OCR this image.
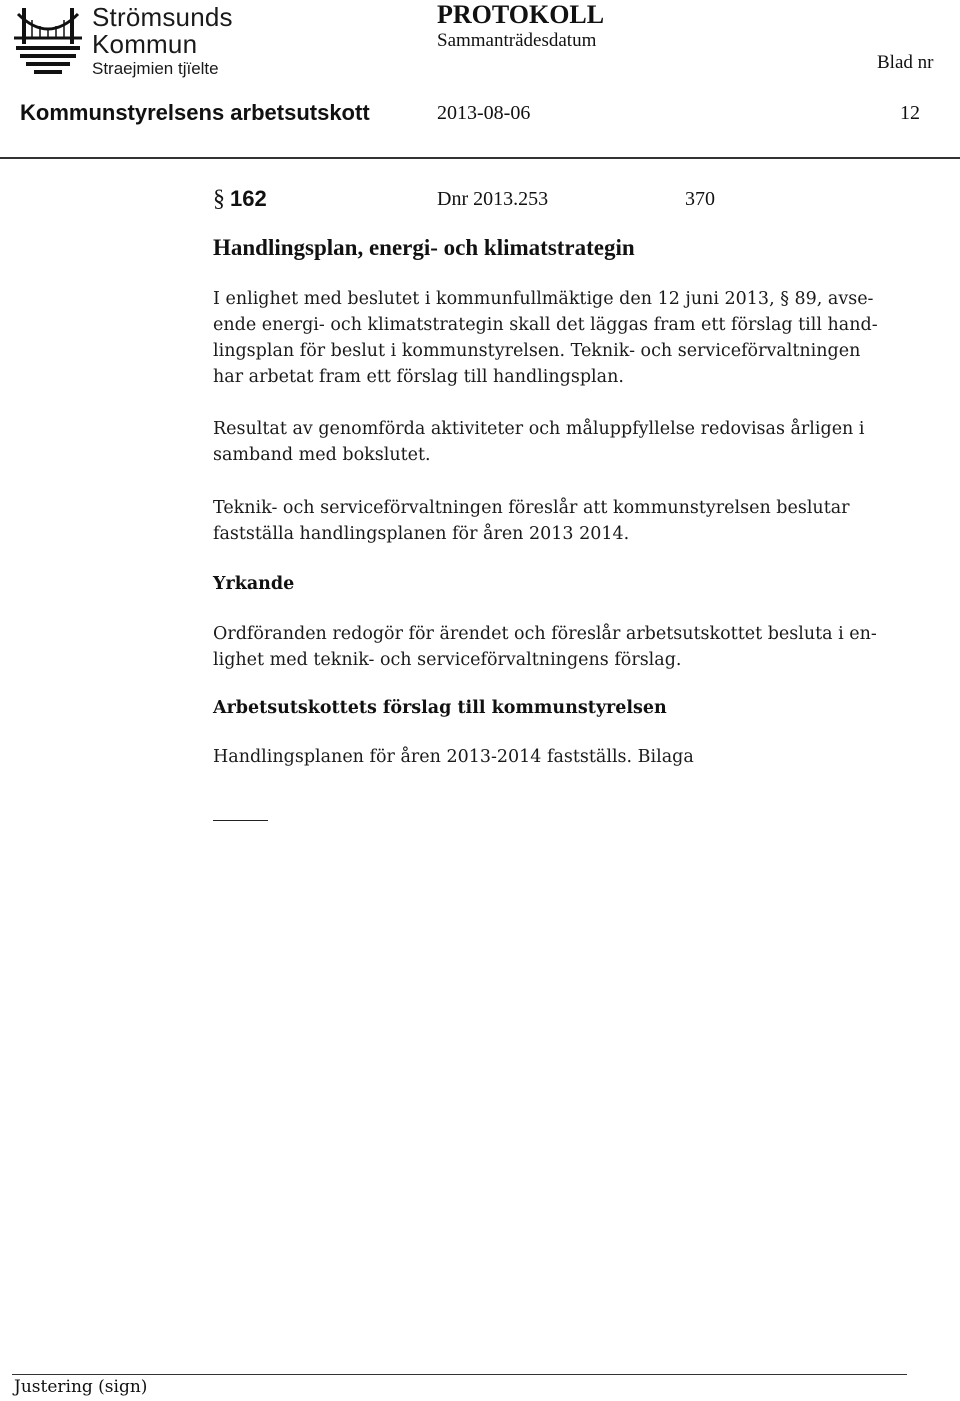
Strömsunds
Kommun
Straejmien tjïelte
PROTOKOLL
Sammanträdesdatum
Blad nr
Kommunstyrelsens arbetsutskott	2013-08-06	12
§ 162	Dnr 2013.253	370
Handlingsplan, energi- och klimatstrategin
I enlighet med beslutet i kommunfullmäktige den 12 juni 2013, § 89, avse-
ende energi- och klimatstrategin skall det läggas fram ett förslag till hand-
lingsplan för beslut i kommunstyrelsen. Teknik- och serviceförvaltningen
har arbetat fram ett förslag till handlingsplan.
Resultat av genomförda aktiviteter och måluppfyllelse redovisas årligen i
samband med bokslutet.
Teknik- och serviceförvaltningen föreslår att kommunstyrelsen beslutar
fastställa handlingsplanen för åren 2013 2014.
Yrkande
Ordföranden redogör för ärendet och föreslår arbetsutskottet besluta i en-
lighet med teknik- och serviceförvaltningens förslag.
Arbetsutskottets förslag till kommunstyrelsen
Handlingsplanen för åren 2013-2014 fastställs. Bilaga
Justering (sign)
